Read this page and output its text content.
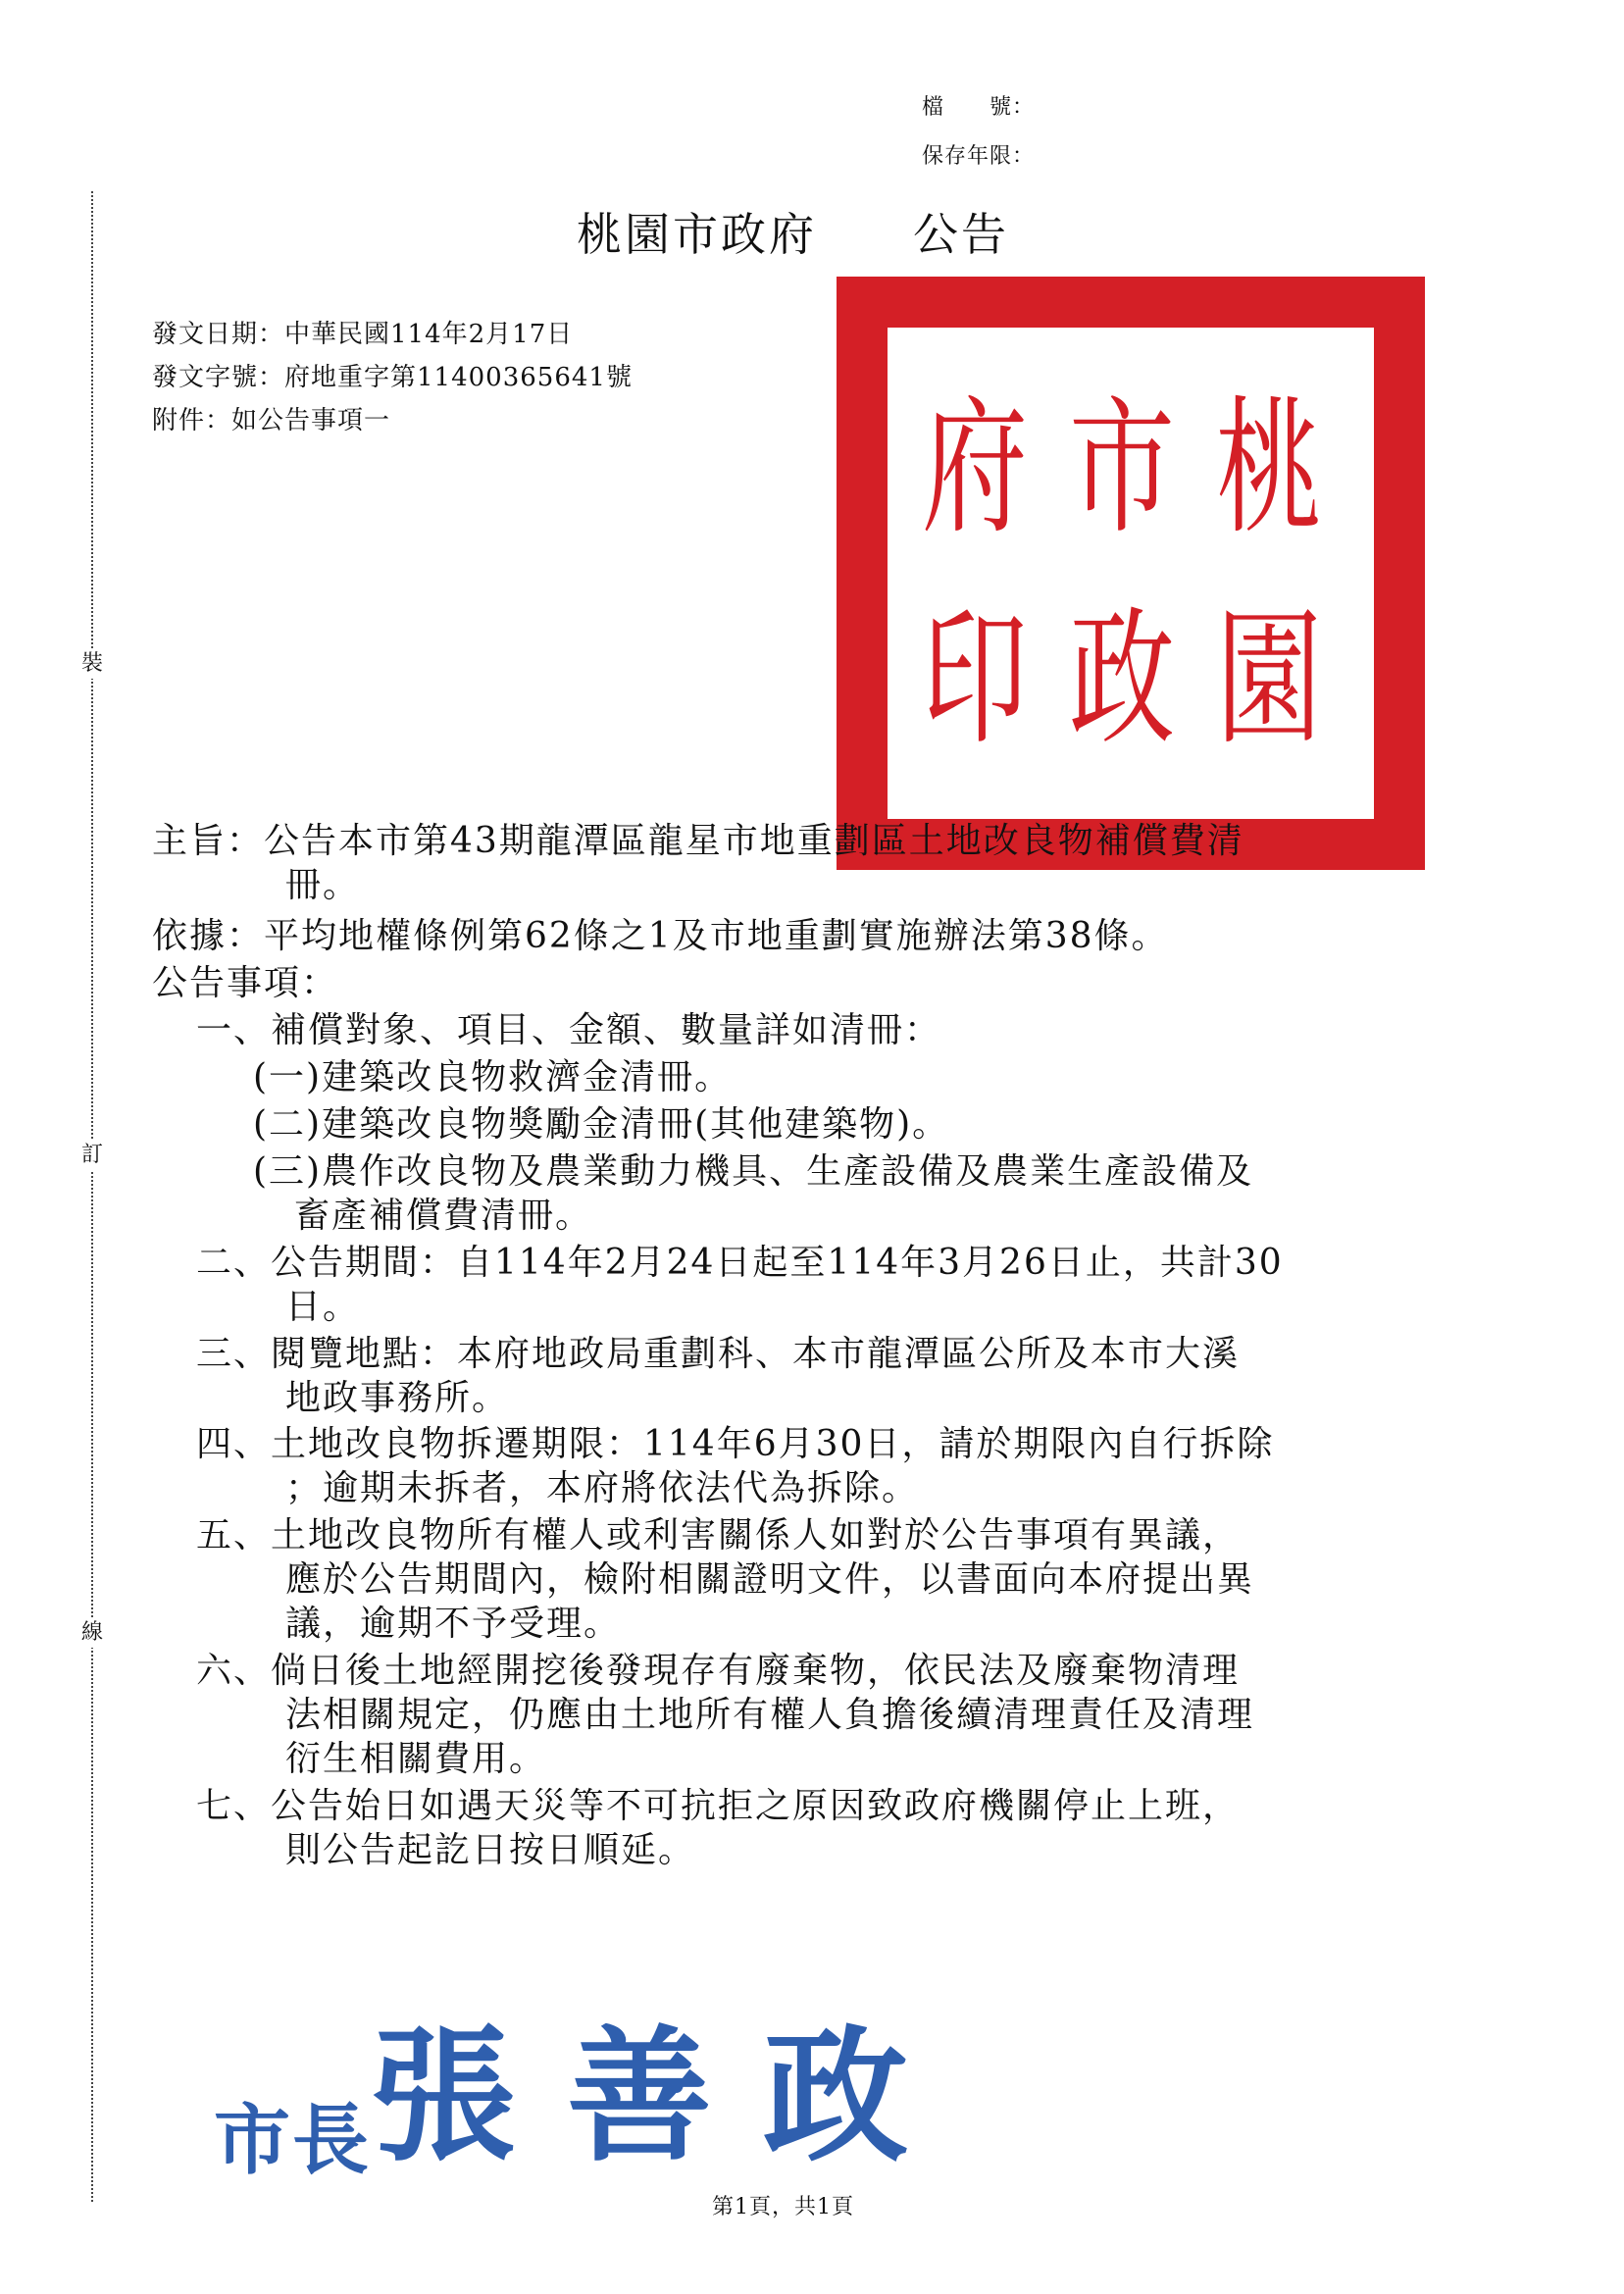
裝
訂
線
檔　　號：
保存年限：
桃園市政府　　 公告
發文日期：中華民國114年2月17日
發文字號：府地重字第11400365641號
附件：如公告事項一	桃
市
府
園
政
印
主旨：公告本市第43期龍潭區龍星市地重劃區土地改良物補償費清
冊。
依據：平均地權條例第62條之1及市地重劃實施辦法第38條。
公告事項：
一、補償對象、項目、金額、數量詳如清冊：
(一)建築改良物救濟金清冊。
(二)建築改良物獎勵金清冊(其他建築物)。
(三)農作改良物及農業動力機具、生產設備及農業生產設備及
畜產補償費清冊。
二、公告期間：自114年2月24日起至114年3月26日止，共計30
日。
三、閱覽地點：本府地政局重劃科、本市龍潭區公所及本市大溪
地政事務所。
四、土地改良物拆遷期限：114年6月30日，請於期限內自行拆除
；逾期未拆者，本府將依法代為拆除。
五、土地改良物所有權人或利害關係人如對於公告事項有異議，
應於公告期間內，檢附相關證明文件，以書面向本府提出異
議，逾期不予受理。
六、倘日後土地經開挖後發現存有廢棄物，依民法及廢棄物清理
法相關規定，仍應由土地所有權人負擔後續清理責任及清理
衍生相關費用。
七、公告始日如遇天災等不可抗拒之原因致政府機關停止上班，
則公告起訖日按日順延。
市長張善政
第1頁，共1頁
